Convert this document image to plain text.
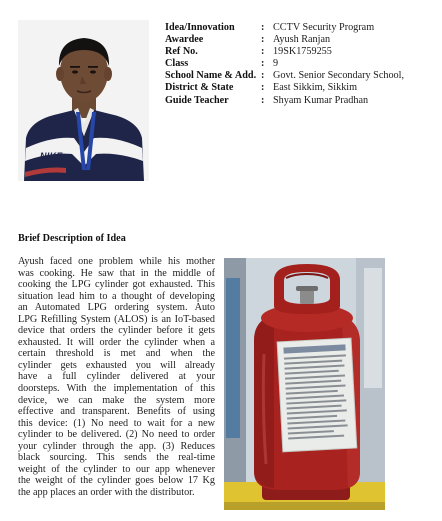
NIKE
Idea/Innovation	: CCTV Security Program
Awardee	: Ayush Ranjan
Ref No.	: 19SK1759255
Class	: 9
School Name & Add. : Govt. Senior Secondary School,
District & State	: East Sikkim, Sikkim
Guide Teacher	: Shyam Kumar Pradhan
Brief Description of Idea
Ayush faced one problem while his mother
was cooking. He saw that in the middle of
cooking the LPG cylinder got exhausted. This
situation lead him to a thought of developing
an Automated LPG ordering system. Auto
LPG Refilling System (ALOS) is an IoT-based
device that orders the cylinder before it gets
exhausted. It will order the cylinder when a
certain threshold is met and when the
cylinder gets exhausted you will already
have a full cylinder delivered at your
doorsteps. With the implementation of this
device, we can make the system more
effective and transparent. Benefits of using
this device: (1) No need to wait for a new
cylinder to be delivered. (2) No need to order
your cylinder through the app. (3) Reduces
black sourcing. This sends the real-time
weight of the cylinder to our app whenever
the weight of the cylinder goes below 17 Kg
the app places an order with the distributor.
